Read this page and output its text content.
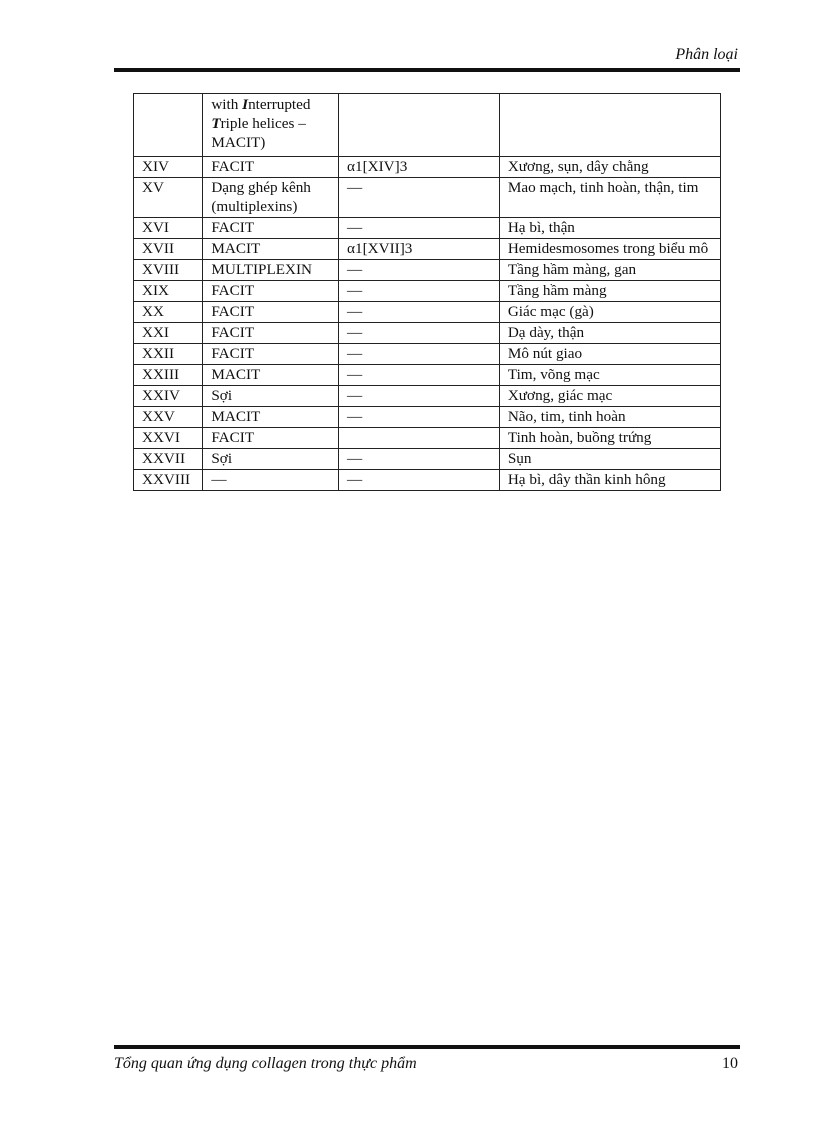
Phân loại
	with Interrupted Triple helices – MACIT)		
XIV	FACIT	α1[XIV]3	Xương, sụn, dây chằng
XV	Dạng ghép kênh (multiplexins)	—	Mao mạch, tinh hoàn, thận, tim
XVI	FACIT	—	Hạ bì, thận
XVII	MACIT	α1[XVII]3	Hemidesmosomes trong biểu mô
XVIII	MULTIPLEXIN	—	Tầng hầm màng, gan
XIX	FACIT	—	Tầng hầm màng
XX	FACIT	—	Giác mạc (gà)
XXI	FACIT	—	Dạ dày, thận
XXII	FACIT	—	Mô nút giao
XXIII	MACIT	—	Tim, võng mạc
XXIV	Sợi	—	Xương, giác mạc
XXV	MACIT	—	Não, tim, tinh hoàn
XXVI	FACIT		Tinh hoàn, buồng trứng
XXVII	Sợi	—	Sụn
XXVIII	—	—	Hạ bì, dây thần kinh hông
Tổng quan ứng dụng collagen trong thực phẩm	10
